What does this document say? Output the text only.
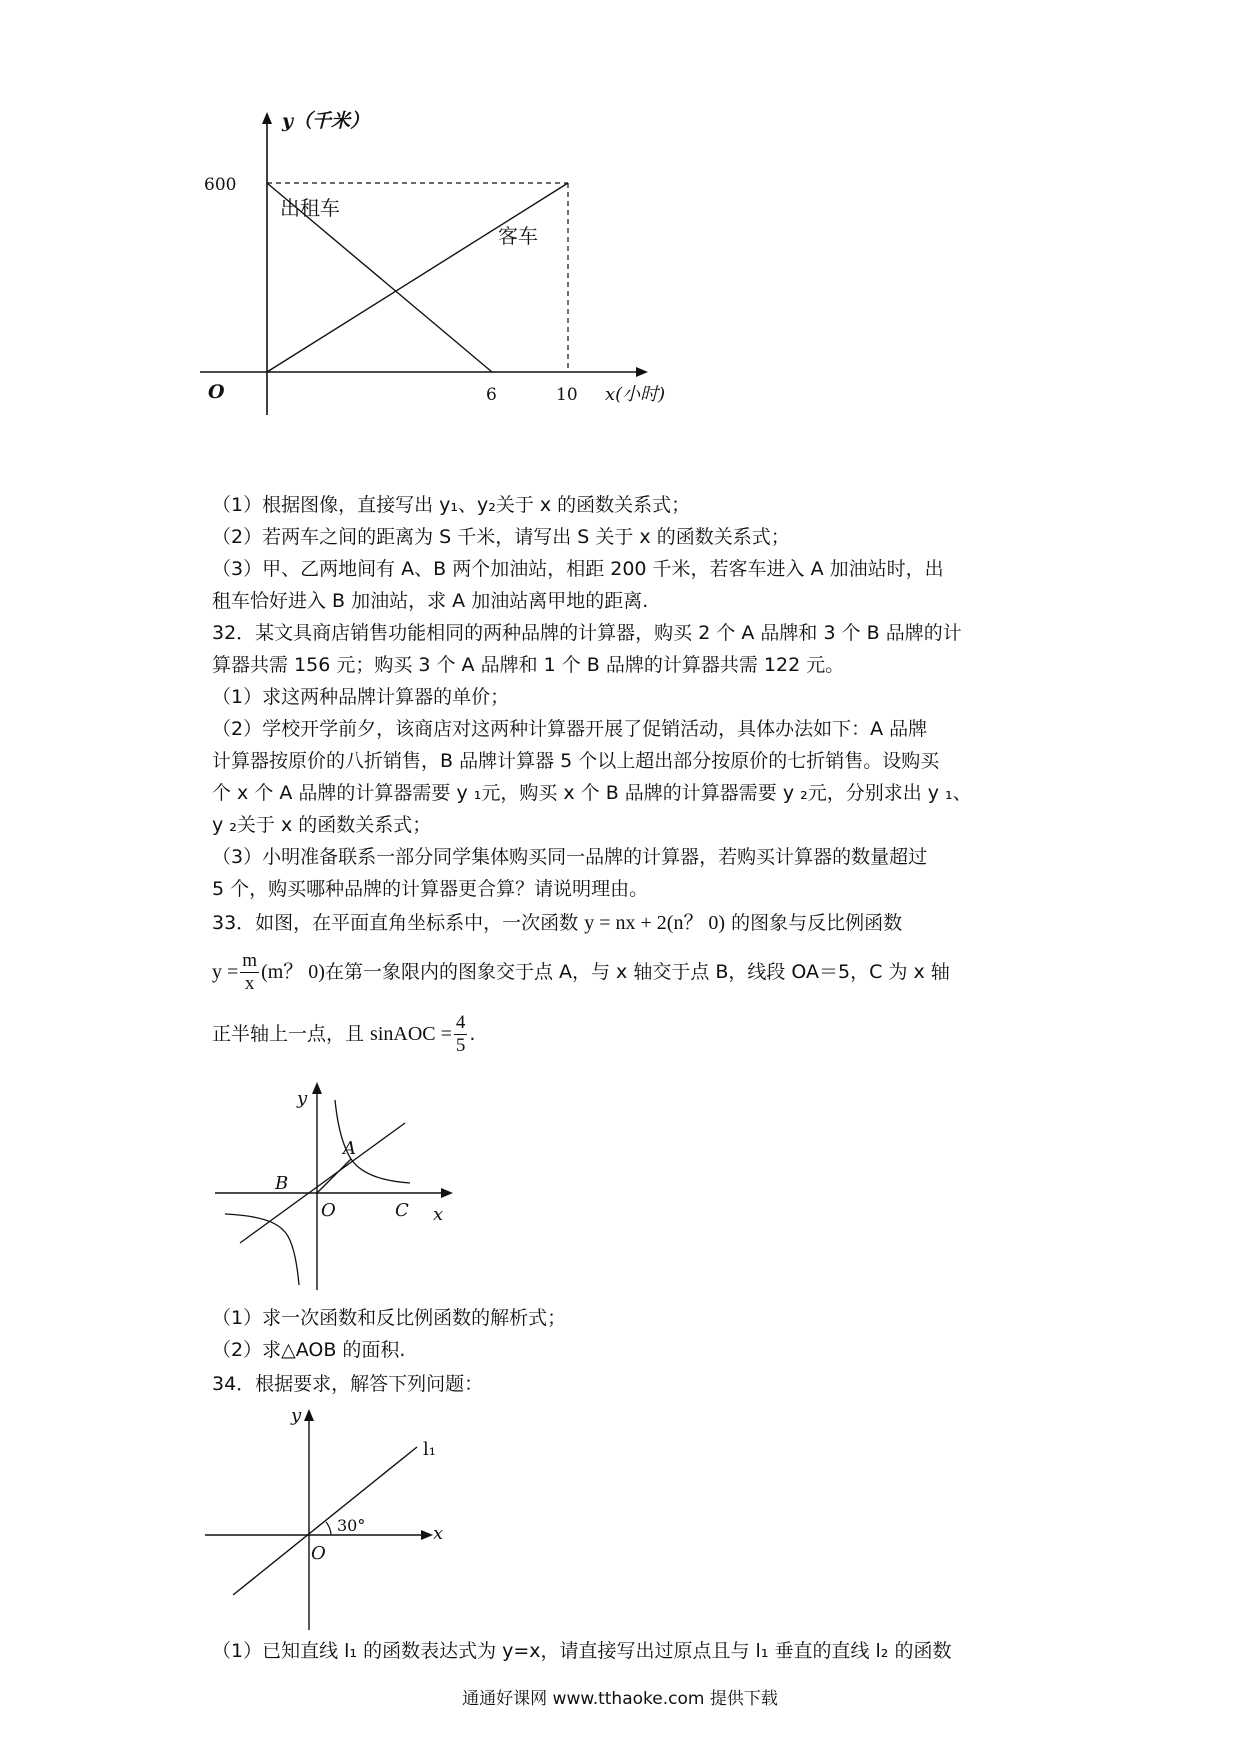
y（千米）
600
出租车
客车
O	6	10 x(小时)
（1）根据图像，直接写出 y₁、y₂关于 x 的函数关系式；
（2）若两车之间的距离为 S 千米，请写出 S 关于 x 的函数关系式；
（3）甲、乙两地间有 A、B 两个加油站，相距 200 千米，若客车进入 A 加油站时，出
租车恰好进入 B 加油站，求 A 加油站离甲地的距离.
32．某文具商店销售功能相同的两种品牌的计算器，购买 2 个 A 品牌和 3 个 B 品牌的计
算器共需 156 元；购买 3 个 A 品牌和 1 个 B 品牌的计算器共需 122 元。
（1）求这两种品牌计算器的单价；
（2）学校开学前夕，该商店对这两种计算器开展了促销活动，具体办法如下：A 品牌
计算器按原价的八折销售，B 品牌计算器 5 个以上超出部分按原价的七折销售。设购买
个 x 个 A 品牌的计算器需要 y ₁元，购买 x 个 B 品牌的计算器需要 y ₂元，分别求出 y ₁、
y ₂关于 x 的函数关系式；
（3）小明准备联系一部分同学集体购买同一品牌的计算器，若购买计算器的数量超过
5 个，购买哪种品牌的计算器更合算？请说明理由。
33．如图，在平面直角坐标系中，一次函数 y = nx + 2(n？ 0) 的图象与反比例函数
$y = \frac{m}{x} (m$？ 0)在第一象限内的图象交于点 A，与 x 轴交于点 B，线段 OA＝5，C 为 x 轴
正半轴上一点，且 sinAOC = $\frac{4}{5}$ .
y
A
B
O	C x
（1）求一次函数和反比例函数的解析式；
（2）求△AOB 的面积.
34．根据要求，解答下列问题：
y
l₁
30°	x
O
（1）已知直线 l₁ 的函数表达式为 y=x，请直接写出过原点且与 l₁ 垂直的直线 l₂ 的函数
通通好课网 www.tthaoke.com 提供下载
